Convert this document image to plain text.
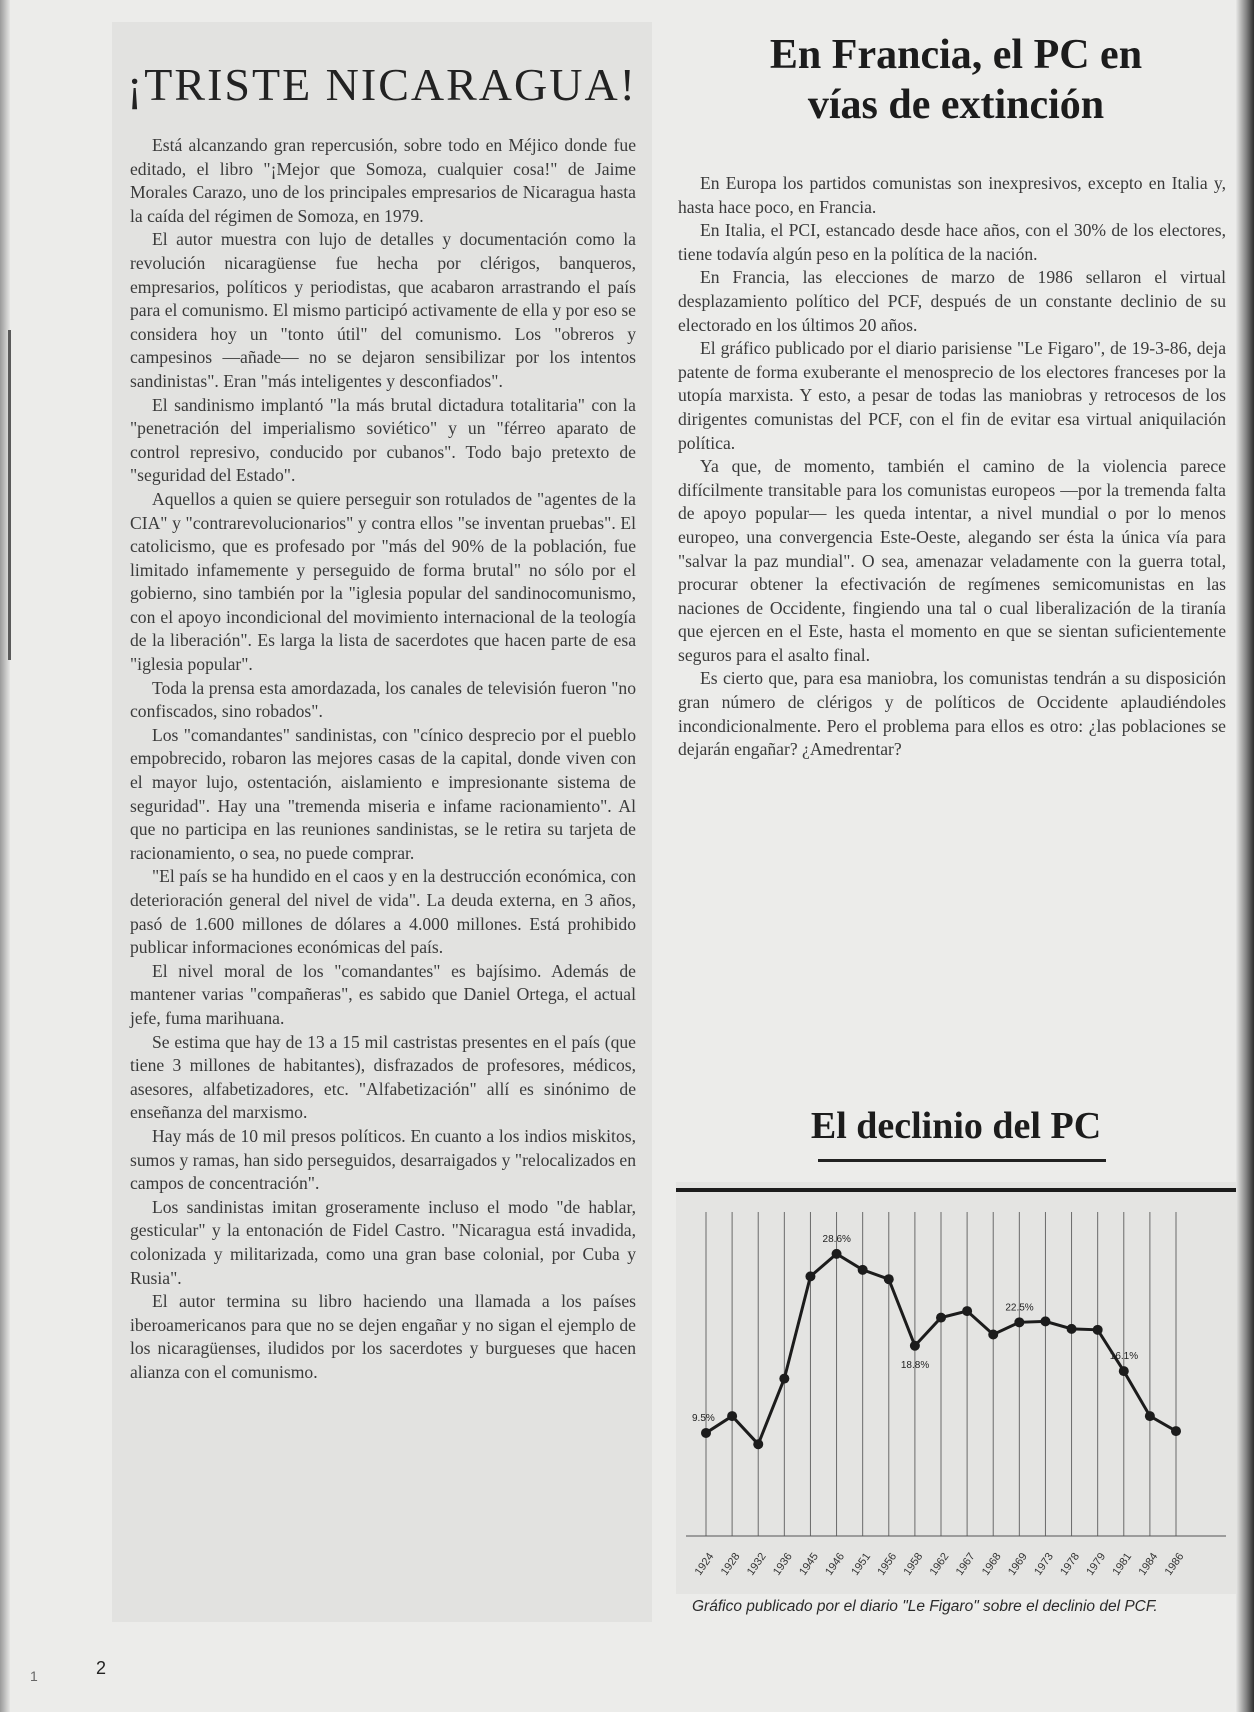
¡TRISTE NICARAGUA!

Está alcanzando gran repercusión, sobre todo en Méjico donde fue editado, el libro "¡Mejor que Somoza, cualquier cosa!" de Jaime Morales Carazo, uno de los principales empresarios de Nicaragua hasta la caída del régimen de Somoza, en 1979.

El autor muestra con lujo de detalles y documentación como la revolución nicaragüense fue hecha por clérigos, banqueros, empresarios, políticos y periodistas, que acabaron arrastrando el país para el comunismo. El mismo participó activamente de ella y por eso se considera hoy un "tonto útil" del comunismo. Los "obreros y campesinos —añade— no se dejaron sensibilizar por los intentos sandinistas". Eran "más inteligentes y desconfiados".

El sandinismo implantó "la más brutal dictadura totalitaria" con la "penetración del imperialismo soviético" y un "férreo aparato de control represivo, conducido por cubanos". Todo bajo pretexto de "seguridad del Estado".

Aquellos a quien se quiere perseguir son rotulados de "agentes de la CIA" y "contrarevolucionarios" y contra ellos "se inventan pruebas". El catolicismo, que es profesado por "más del 90% de la población, fue limitado infamemente y perseguido de forma brutal" no sólo por el gobierno, sino también por la "iglesia popular del sandinocomunismo, con el apoyo incondicional del movimiento internacional de la teología de la liberación". Es larga la lista de sacerdotes que hacen parte de esa "iglesia popular".

Toda la prensa esta amordazada, los canales de televisión fueron "no confiscados, sino robados".

Los "comandantes" sandinistas, con "cínico desprecio por el pueblo empobrecido, robaron las mejores casas de la capital, donde viven con el mayor lujo, ostentación, aislamiento e impresionante sistema de seguridad". Hay una "tremenda miseria e infame racionamiento". Al que no participa en las reuniones sandinistas, se le retira su tarjeta de racionamiento, o sea, no puede comprar.

"El país se ha hundido en el caos y en la destrucción económica, con deterioración general del nivel de vida". La deuda externa, en 3 años, pasó de 1.600 millones de dólares a 4.000 millones. Está prohibido publicar informaciones económicas del país.

El nivel moral de los "comandantes" es bajísimo. Además de mantener varias "compañeras", es sabido que Daniel Ortega, el actual jefe, fuma marihuana.

Se estima que hay de 13 a 15 mil castristas presentes en el país (que tiene 3 millones de habitantes), disfrazados de profesores, médicos, asesores, alfabetizadores, etc. "Alfabetización" allí es sinónimo de enseñanza del marxismo.

Hay más de 10 mil presos políticos. En cuanto a los indios miskitos, sumos y ramas, han sido perseguidos, desarraigados y "relocalizados en campos de concentración".

Los sandinistas imitan groseramente incluso el modo "de hablar, gesticular" y la entonación de Fidel Castro. "Nicaragua está invadida, colonizada y militarizada, como una gran base colonial, por Cuba y Rusia".

El autor termina su libro haciendo una llamada a los países iberoamericanos para que no se dejen engañar y no sigan el ejemplo de los nicaragüenses, iludidos por los sacerdotes y burgueses que hacen alianza con el comunismo.

En Francia, el PC en
vías de extinción

En Europa los partidos comunistas son inexpresivos, excepto en Italia y, hasta hace poco, en Francia.

En Italia, el PCI, estancado desde hace años, con el 30% de los electores, tiene todavía algún peso en la política de la nación.

En Francia, las elecciones de marzo de 1986 sellaron el virtual desplazamiento político del PCF, después de un constante declinio de su electorado en los últimos 20 años.

El gráfico publicado por el diario parisiense "Le Figaro", de 19-3-86, deja patente de forma exuberante el menosprecio de los electores franceses por la utopía marxista. Y esto, a pesar de todas las maniobras y retrocesos de los dirigentes comunistas del PCF, con el fin de evitar esa virtual aniquilación política.

Ya que, de momento, también el camino de la violencia parece difícilmente transitable para los comunistas europeos —por la tremenda falta de apoyo popular— les queda intentar, a nivel mundial o por lo menos europeo, una convergencia Este-Oeste, alegando ser ésta la única vía para "salvar la paz mundial". O sea, amenazar veladamente con la guerra total, procurar obtener la efectivación de regímenes semicomunistas en las naciones de Occidente, fingiendo una tal o cual liberalización de la tiranía que ejercen en el Este, hasta el momento en que se sientan suficientemente seguros para el asalto final.

Es cierto que, para esa maniobra, los comunistas tendrán a su disposición gran número de clérigos y de políticos de Occidente aplaudiéndoles incondicionalmente. Pero el problema para ellos es otro: ¿las poblaciones se dejarán engañar? ¿Amedrentar?

El declinio del PC
1924 1928 1932 1936 1945 1946 1951 1956 1958 1962 1967 1968 1969 1973 1978 1979 1981 1984 1986
9.5%
28.6%
18.8%
22.5%
16.1%
Gráfico publicado por el diario "Le Figaro" sobre el declinio del PCF.
2
1
